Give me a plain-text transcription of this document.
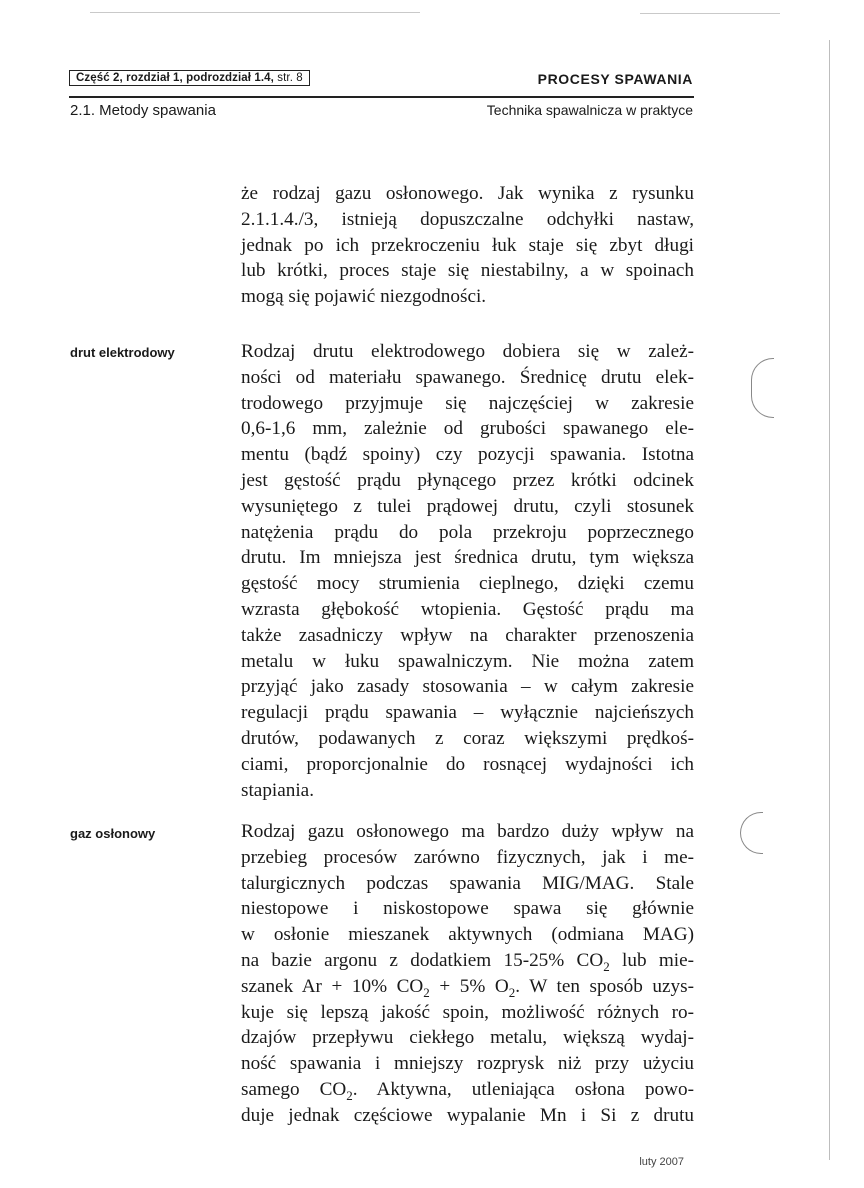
Część 2, rozdział 1, podrozdział 1.4, str. 8	PROCESY SPAWANIA
2.1. Metody spawania	Technika spawalnicza w praktyce
że rodzaj gazu osłonowego. Jak wynika z rysunku
2.1.1.4./3, istnieją dopuszczalne odchyłki nastaw,
jednak po ich przekroczeniu łuk staje się zbyt długi
lub krótki, proces staje się niestabilny, a w spoinach
mogą się pojawić niezgodności.
drut elektrodowy	Rodzaj drutu elektrodowego dobiera się w zależ-
ności od materiału spawanego. Średnicę drutu elek-
trodowego przyjmuje się najczęściej w zakresie
0,6-1,6 mm, zależnie od grubości spawanego ele-
mentu (bądź spoiny) czy pozycji spawania. Istotna
jest gęstość prądu płynącego przez krótki odcinek
wysuniętego z tulei prądowej drutu, czyli stosunek
natężenia prądu do pola przekroju poprzecznego
drutu. Im mniejsza jest średnica drutu, tym większa
gęstość mocy strumienia cieplnego, dzięki czemu
wzrasta głębokość wtopienia. Gęstość prądu ma
także zasadniczy wpływ na charakter przenoszenia
metalu w łuku spawalniczym. Nie można zatem
przyjąć jako zasady stosowania – w całym zakresie
regulacji prądu spawania – wyłącznie najcieńszych
drutów, podawanych z coraz większymi prędkoś-
ciami, proporcjonalnie do rosnącej wydajności ich
stapiania.
gaz osłonowy	Rodzaj gazu osłonowego ma bardzo duży wpływ na
przebieg procesów zarówno fizycznych, jak i me-
talurgicznych podczas spawania MIG/MAG. Stale
niestopowe i niskostopowe spawa się głównie
w osłonie mieszanek aktywnych (odmiana MAG)
na bazie argonu z dodatkiem 15-25% $CO_2$ lub mie-
szanek Ar + 10% $CO_2 + 5\%$ $O_2$. W ten sposób uzys-
kuje się lepszą jakość spoin, możliwość różnych ro-
dzajów przepływu ciekłego metalu, większą wydaj-
ność spawania i mniejszy rozprysk niż przy użyciu
samego $CO_2$. Aktywna, utleniająca osłona powo-
duje jednak częściowe wypalanie Mn i Si z drutu
luty 2007
